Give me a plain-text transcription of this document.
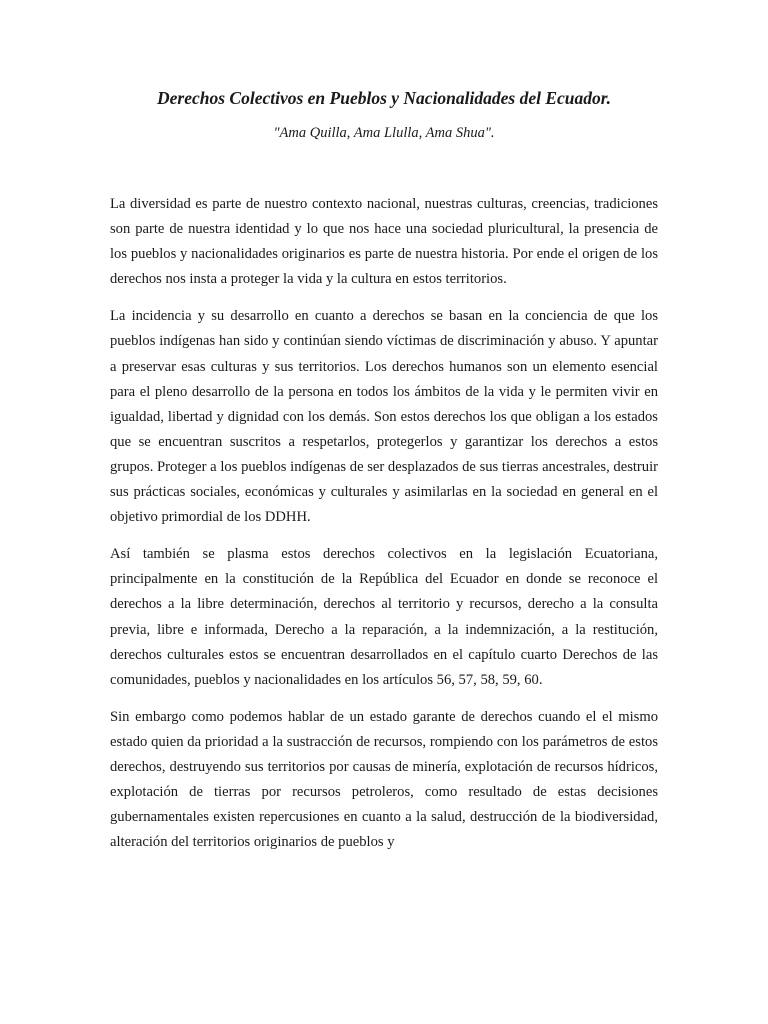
Derechos Colectivos en Pueblos y Nacionalidades del Ecuador.

"Ama Quilla, Ama Llulla, Ama Shua".

La diversidad es parte de nuestro contexto nacional, nuestras culturas, creencias, tradiciones son parte de nuestra identidad y lo que nos hace una sociedad pluricultural, la presencia de los pueblos y nacionalidades originarios es parte de nuestra historia. Por ende el origen de los derechos nos insta a proteger la vida y la cultura en estos territorios.

La incidencia y su desarrollo en cuanto a derechos se basan en la conciencia de que los pueblos indígenas han sido y continúan siendo víctimas de discriminación y abuso. Y apuntar a preservar esas culturas y sus territorios. Los derechos humanos son un elemento esencial para el pleno desarrollo de la persona en todos los ámbitos de la vida y le permiten vivir en igualdad, libertad y dignidad con los demás. Son estos derechos los que obligan a los estados que se encuentran suscritos a respetarlos, protegerlos y garantizar los derechos a estos grupos. Proteger a los pueblos indígenas de ser desplazados de sus tierras ancestrales, destruir sus prácticas sociales, económicas y culturales y asimilarlas en la sociedad en general en el objetivo primordial de los DDHH.

Así también se plasma estos derechos colectivos en la legislación Ecuatoriana, principalmente en la constitución de la República del Ecuador en donde se reconoce el derechos a la libre determinación, derechos al territorio y recursos, derecho a la consulta previa, libre e informada, Derecho a la reparación, a la indemnización, a la restitución, derechos culturales estos se encuentran desarrollados en el capítulo cuarto Derechos de las comunidades, pueblos y nacionalidades en los artículos 56, 57, 58, 59, 60.

Sin embargo como podemos hablar de un estado garante de derechos cuando el el mismo estado quien da prioridad a la sustracción de recursos, rompiendo con los parámetros de estos derechos, destruyendo sus territorios por causas de minería, explotación de recursos hídricos, explotación de tierras por recursos petroleros, como resultado de estas decisiones gubernamentales existen repercusiones en cuanto a la salud, destrucción de la biodiversidad, alteración del territorios originarios de pueblos y
